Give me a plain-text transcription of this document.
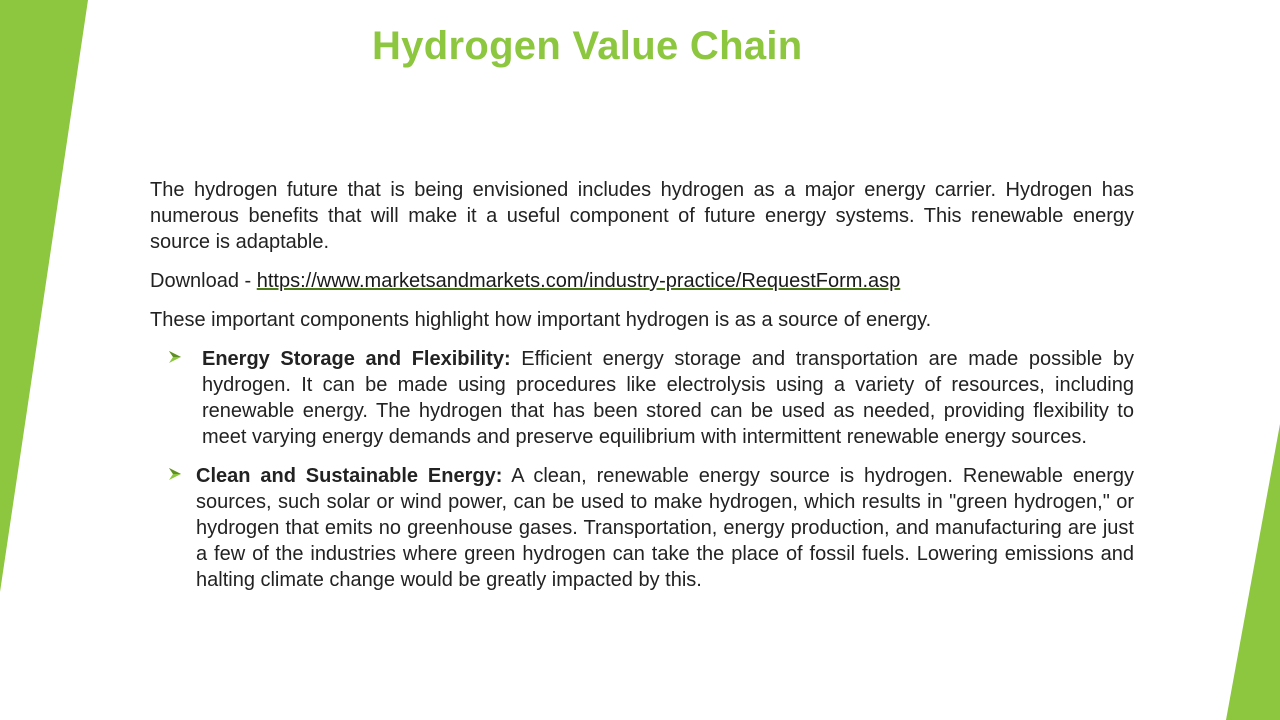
Hydrogen Value Chain

The hydrogen future that is being envisioned includes hydrogen as a major energy carrier. Hydrogen has numerous benefits that will make it a useful component of future energy systems. This renewable energy source is adaptable.

Download - https://www.marketsandmarkets.com/industry-practice/RequestForm.asp

These important components highlight how important hydrogen is as a source of energy.

Energy Storage and Flexibility: Efficient energy storage and transportation are made possible by hydrogen. It can be made using procedures like electrolysis using a variety of resources, including renewable energy. The hydrogen that has been stored can be used as needed, providing flexibility to meet varying energy demands and preserve equilibrium with intermittent renewable energy sources.
Clean and Sustainable Energy: A clean, renewable energy source is hydrogen. Renewable energy sources, such solar or wind power, can be used to make hydrogen, which results in "green hydrogen," or hydrogen that emits no greenhouse gases. Transportation, energy production, and manufacturing are just a few of the industries where green hydrogen can take the place of fossil fuels. Lowering emissions and halting climate change would be greatly impacted by this.
